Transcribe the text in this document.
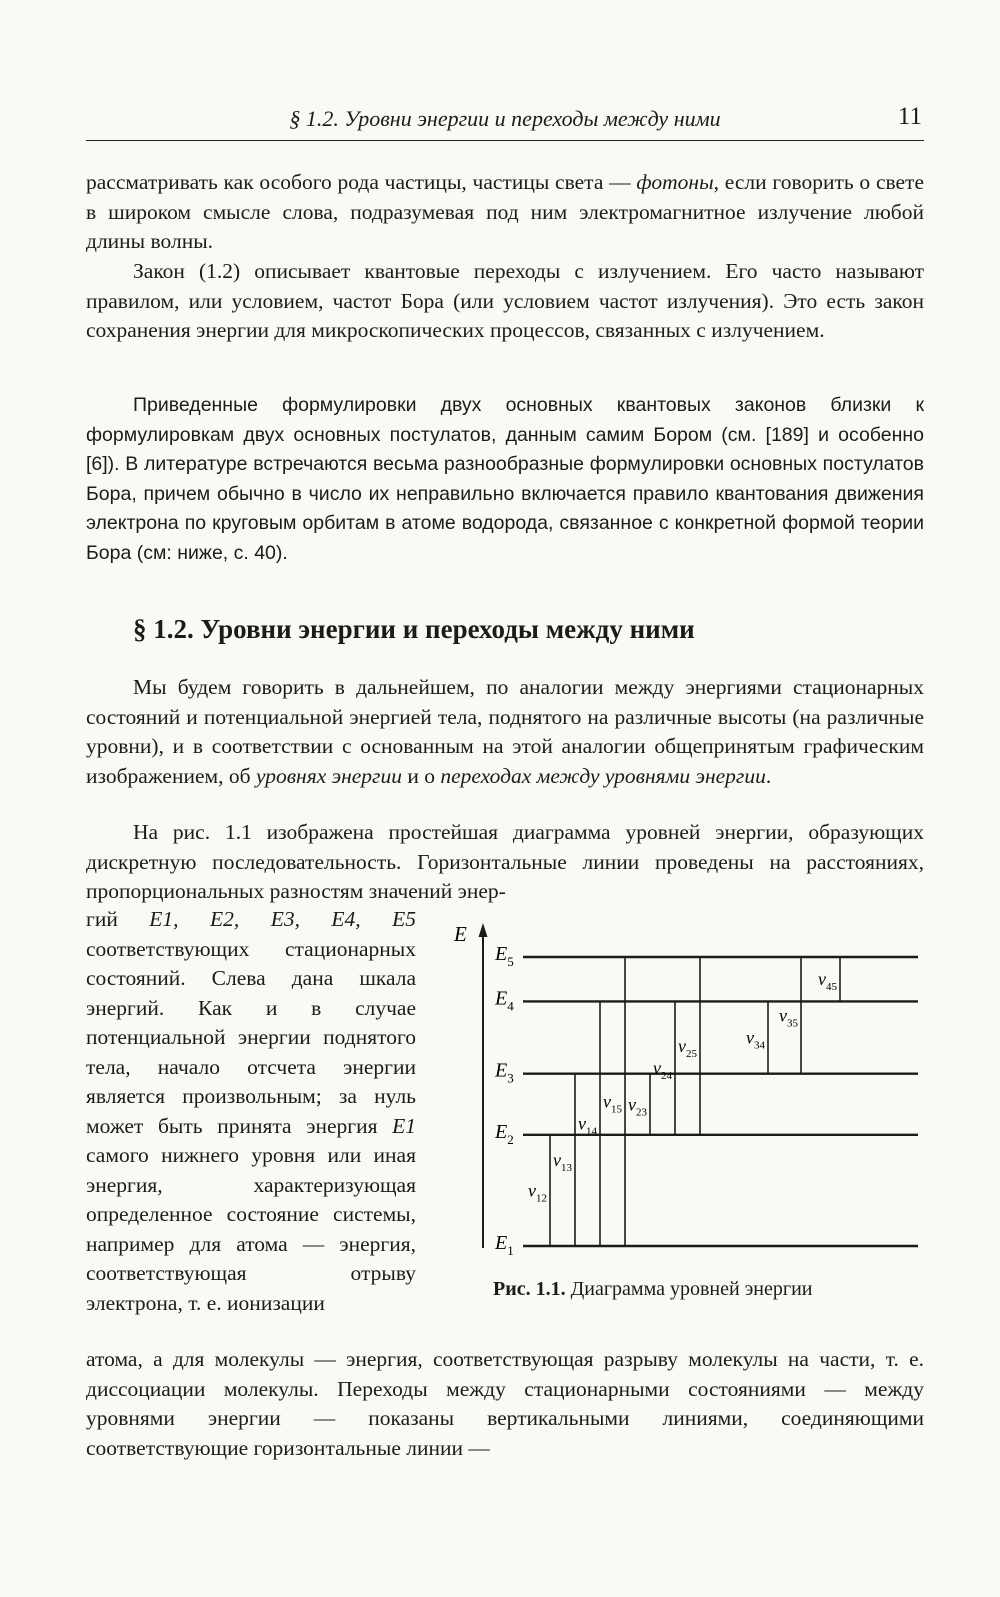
§ 1.2. Уровни энергии и переходы между ними	11

рассматривать как особого рода частицы, частицы света — фотоны, если говорить о свете в широком смысле слова, подразумевая под ним электромагнитное излучение любой длины волны.

Закон (1.2) описывает квантовые переходы с излучением. Его часто называют правилом, или условием, частот Бора (или условием частот излучения). Это есть закон сохранения энергии для микроскопических процессов, связанных с излучением.

Приведенные формулировки двух основных квантовых законов близки к формулировкам двух основных постулатов, данным самим Бором (см. [189] и особенно [6]). В литературе встречаются весьма разнообразные формулировки основных постулатов Бора, причем обычно в число их неправильно включается правило квантования движения электрона по круговым орбитам в атоме водорода, связанное с конкретной формой теории Бора (см: ниже, с. 40).

§ 1.2. Уровни энергии и переходы между ними

Мы будем говорить в дальнейшем, по аналогии между энергиями стационарных состояний и потенциальной энергией тела, поднятого на различные высоты (на различные уровни), и в соответствии с основанным на этой аналогии общепринятым графическим изображением, об уровнях энергии и о переходах между уровнями энергии.

На рис. 1.1 изображена простейшая диаграмма уровней энергии, образующих дискретную последовательность. Горизонтальные линии проведены на расстояниях, пропорциональных разностям значений энер-

гий E1, E2, E3, E4, E5 соответствующих стационарных состояний. Слева дана шкала энергий. Как и в случае потенциальной энергии поднятого тела, начало отсчета энергии является произвольным; за нуль может быть принята энергия E1 самого нижнего уровня или иная энергия, характеризующая определенное состояние системы, например для атома — энергия, соответствующая отрыву электрона, т. е. ионизации

атома, а для молекулы — энергия, соответствующая разрыву молекулы на части, т. е. диссоциации молекулы. Переходы между стационарными состояниями — между уровнями энергии — показаны вертикальными линиями, соединяющими соответствующие горизонтальные линии —

E
$E_1$
$E_2$
$E_3$
$E_4$
$E_5$
$\nu_{12}$
$\nu_{13}$
$\nu_{14}$
$\nu_{15}$ $\nu_{23}$
$\nu_{24}$
$\nu_{25}$
$\nu_{34}$
$\nu_{35}$
$\nu_{45}$

Рис. 1.1. Диаграмма уровней энергии
